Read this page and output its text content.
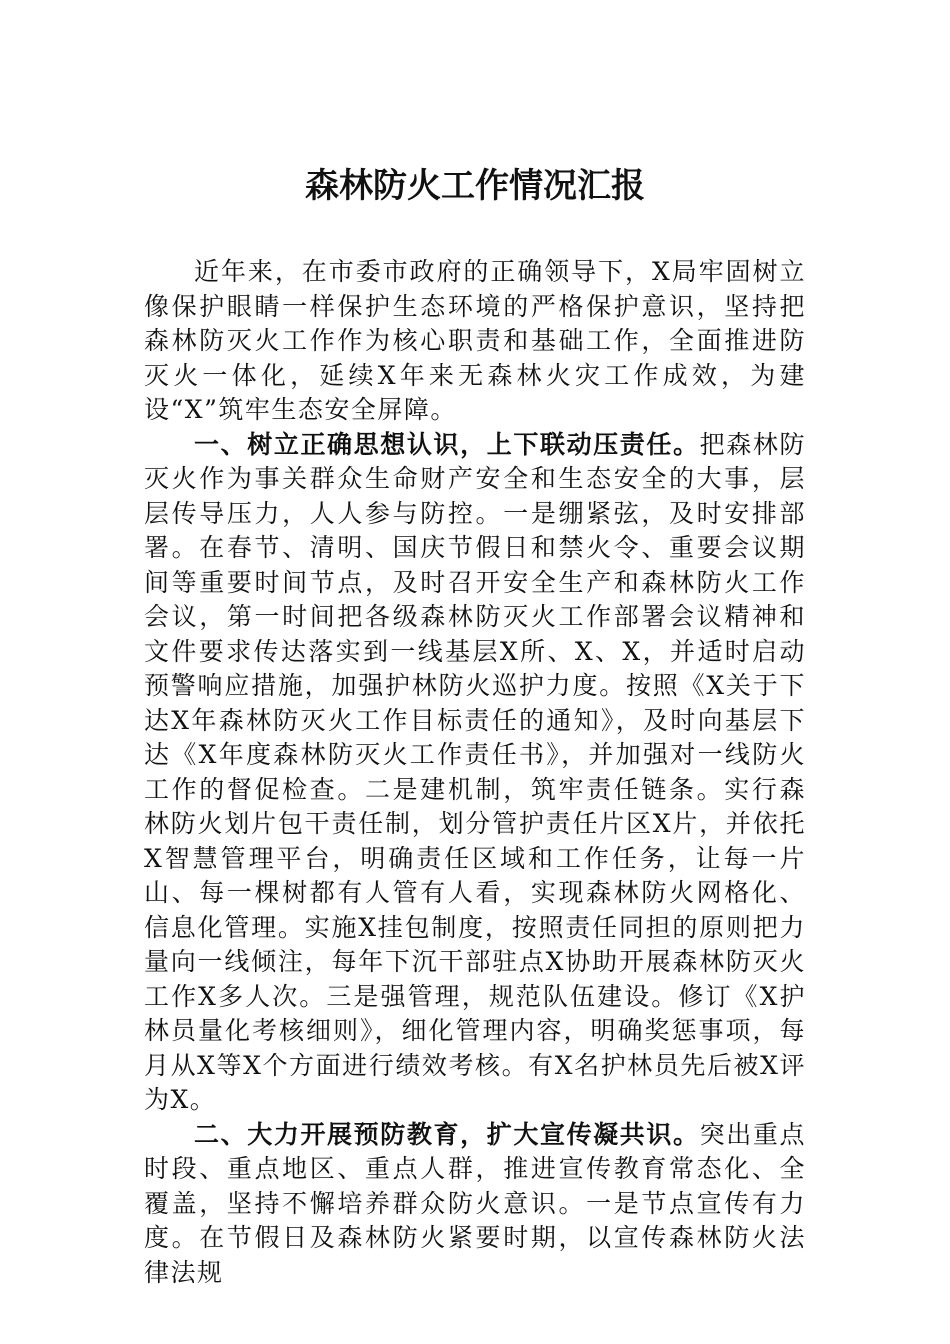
森林防火工作情况汇报

近年来，在市委市政府的正确领导下，X局牢固树立像保护眼睛一样保护生态环境的严格保护意识，坚持把森林防灭火工作作为核心职责和基础工作，全面推进防灭火一体化，延续X年来无森林火灾工作成效，为建设“X”筑牢生态安全屏障。

一、树立正确思想认识，上下联动压责任。把森林防灭火作为事关群众生命财产安全和生态安全的大事，层层传导压力，人人参与防控。一是绷紧弦，及时安排部署。在春节、清明、国庆节假日和禁火令、重要会议期间等重要时间节点，及时召开安全生产和森林防火工作会议，第一时间把各级森林防灭火工作部署会议精神和文件要求传达落实到一线基层X所、X、X，并适时启动预警响应措施，加强护林防火巡护力度。按照《X关于下达X年森林防灭火工作目标责任的通知》，及时向基层下达《X年度森林防灭火工作责任书》，并加强对一线防火工作的督促检查。二是建机制，筑牢责任链条。实行森林防火划片包干责任制，划分管护责任片区X片，并依托X智慧管理平台，明确责任区域和工作任务，让每一片山、每一棵树都有人管有人看，实现森林防火网格化、信息化管理。实施X挂包制度，按照责任同担的原则把力量向一线倾注，每年下沉干部驻点X协助开展森林防灭火工作X多人次。三是强管理，规范队伍建设。修订《X护林员量化考核细则》，细化管理内容，明确奖惩事项，每月从X等X个方面进行绩效考核。有X名护林员先后被X评为X。

二、大力开展预防教育，扩大宣传凝共识。突出重点时段、重点地区、重点人群，推进宣传教育常态化、全覆盖，坚持不懈培养群众防火意识。一是节点宣传有力度。在节假日及森林防火紧要时期，以宣传森林防火法律法规
